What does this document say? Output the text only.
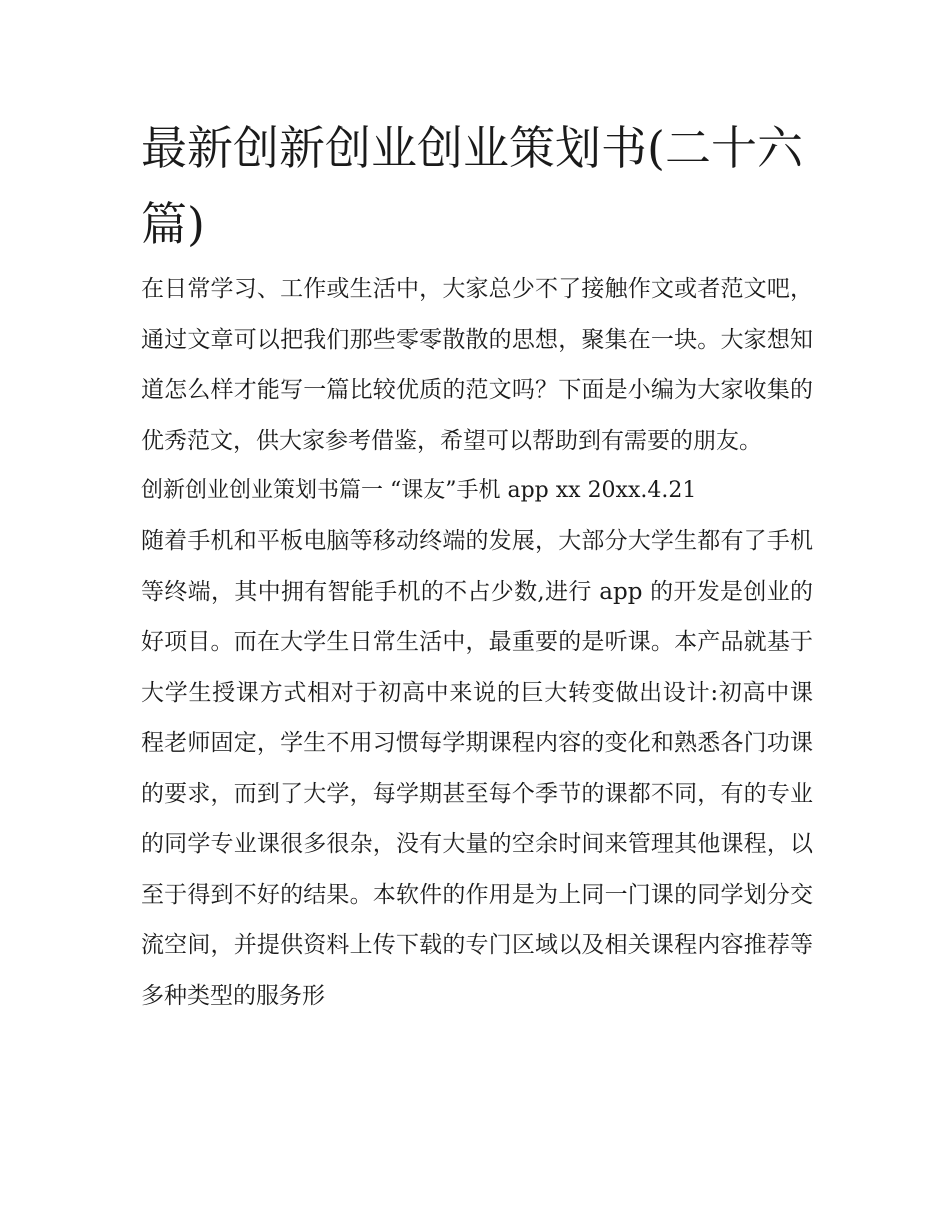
最新创新创业创业策划书(二十六篇)

在日常学习、工作或生活中，大家总少不了接触作文或者范文吧，通过文章可以把我们那些零零散散的思想，聚集在一块。大家想知道怎么样才能写一篇比较优质的范文吗？下面是小编为大家收集的优秀范文，供大家参考借鉴，希望可以帮助到有需要的朋友。

创新创业创业策划书篇一 “课友”手机 app xx 20xx.4.21

随着手机和平板电脑等移动终端的发展，大部分大学生都有了手机等终端，其中拥有智能手机的不占少数,进行 app 的开发是创业的好项目。而在大学生日常生活中，最重要的是听课。本产品就基于大学生授课方式相对于初高中来说的巨大转变做出设计:初高中课程老师固定，学生不用习惯每学期课程内容的变化和熟悉各门功课的要求，而到了大学，每学期甚至每个季节的课都不同，有的专业的同学专业课很多很杂，没有大量的空余时间来管理其他课程，以至于得到不好的结果。本软件的作用是为上同一门课的同学划分交流空间，并提供资料上传下载的专门区域以及相关课程内容推荐等多种类型的服务形
